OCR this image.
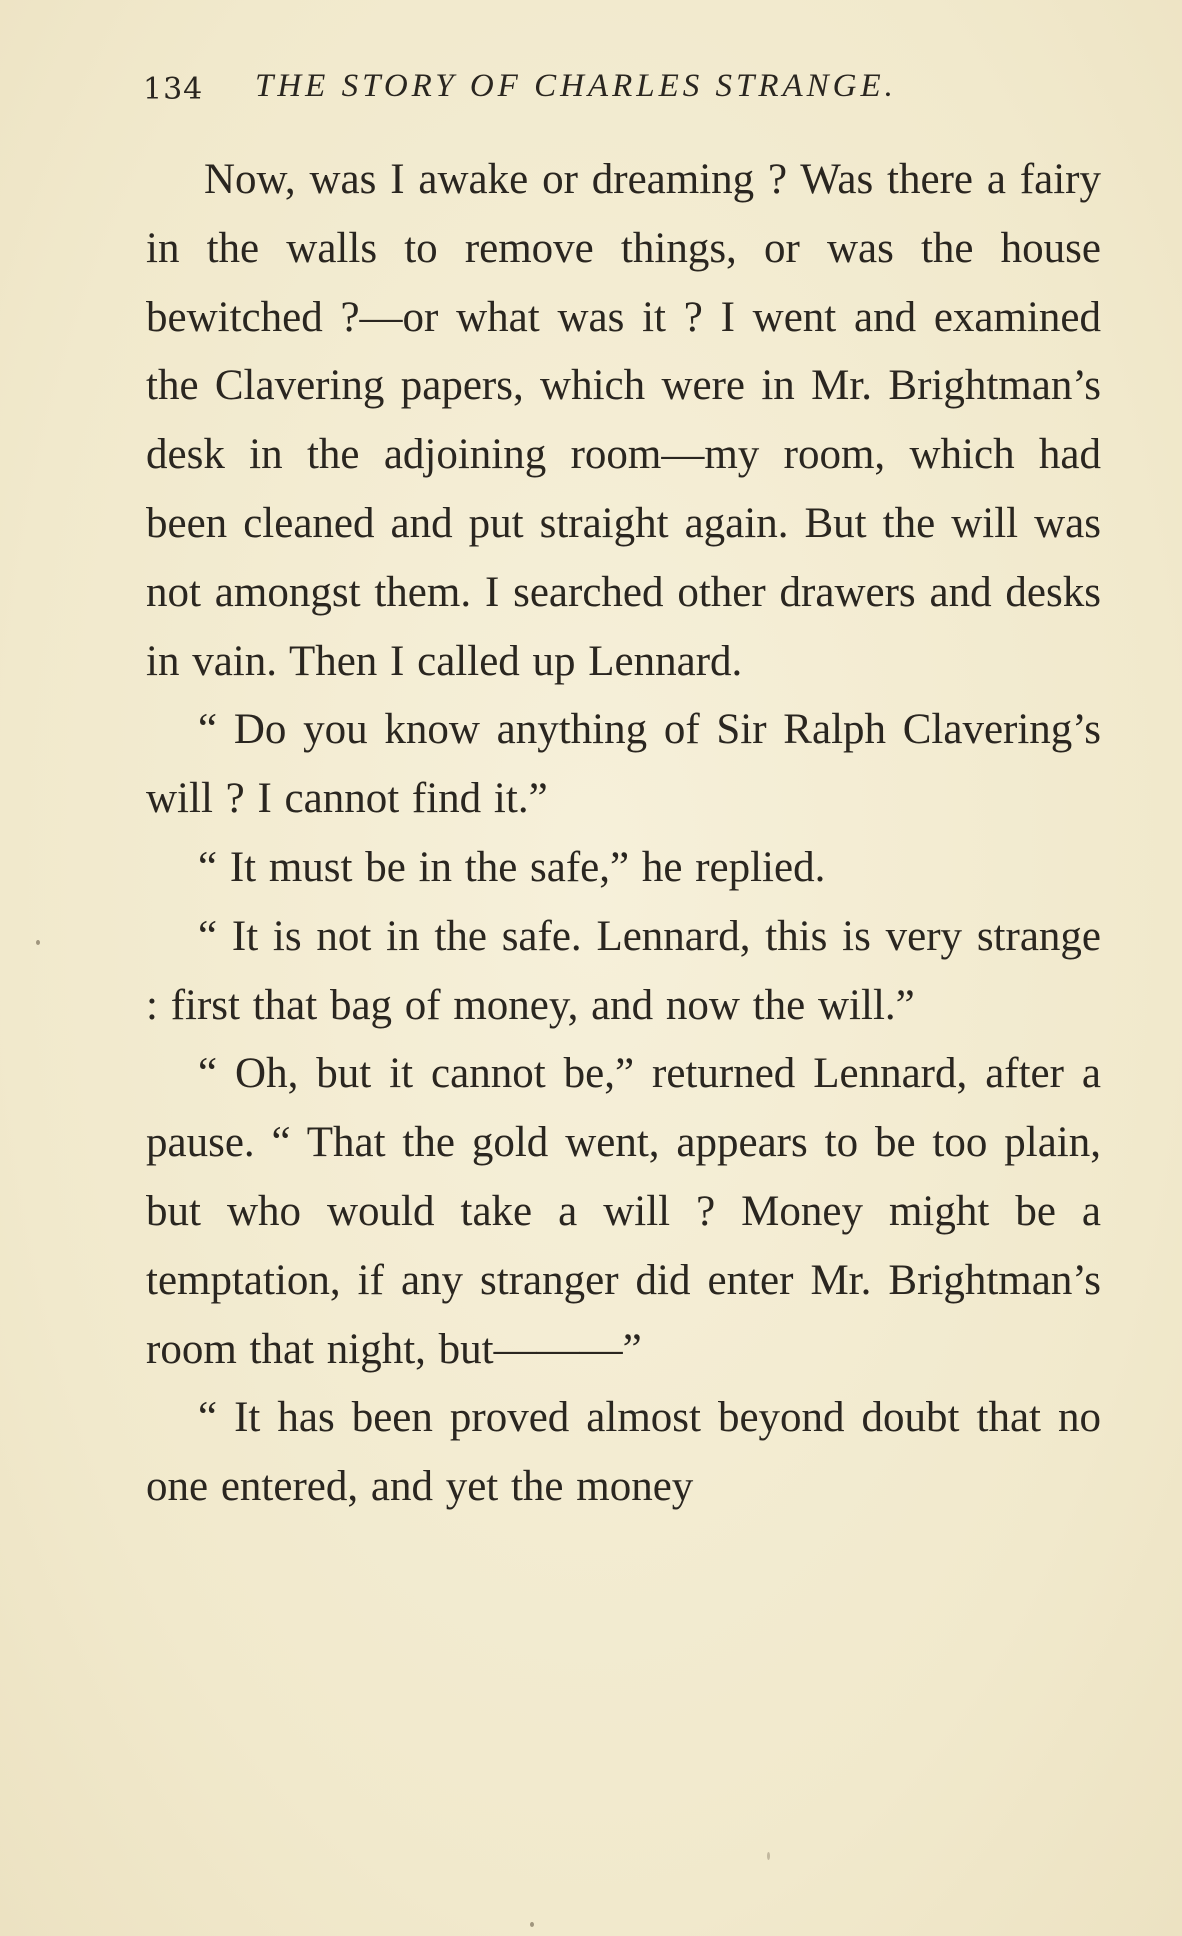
134 THE STORY OF CHARLES STRANGE.

Now, was I awake or dreaming ? Was there a fairy in the walls to remove things, or was the house bewitched ?—or what was it ? I went and examined the Clavering papers, which were in Mr. Brightman’s desk in the adjoining room—my room, which had been cleaned and put straight again. But the will was not amongst them. I searched other drawers and desks in vain. Then I called up Lennard.

“ Do you know anything of Sir Ralph Clavering’s will ? I cannot find it.”

“ It must be in the safe,” he replied.

“ It is not in the safe. Lennard, this is very strange : first that bag of money, and now the will.”

“ Oh, but it cannot be,” returned Lennard, after a pause. “ That the gold went, appears to be too plain, but who would take a will ? Money might be a temptation, if any stranger did enter Mr. Brightman’s room that night, but———”

“ It has been proved almost beyond doubt that no one entered, and yet the money
